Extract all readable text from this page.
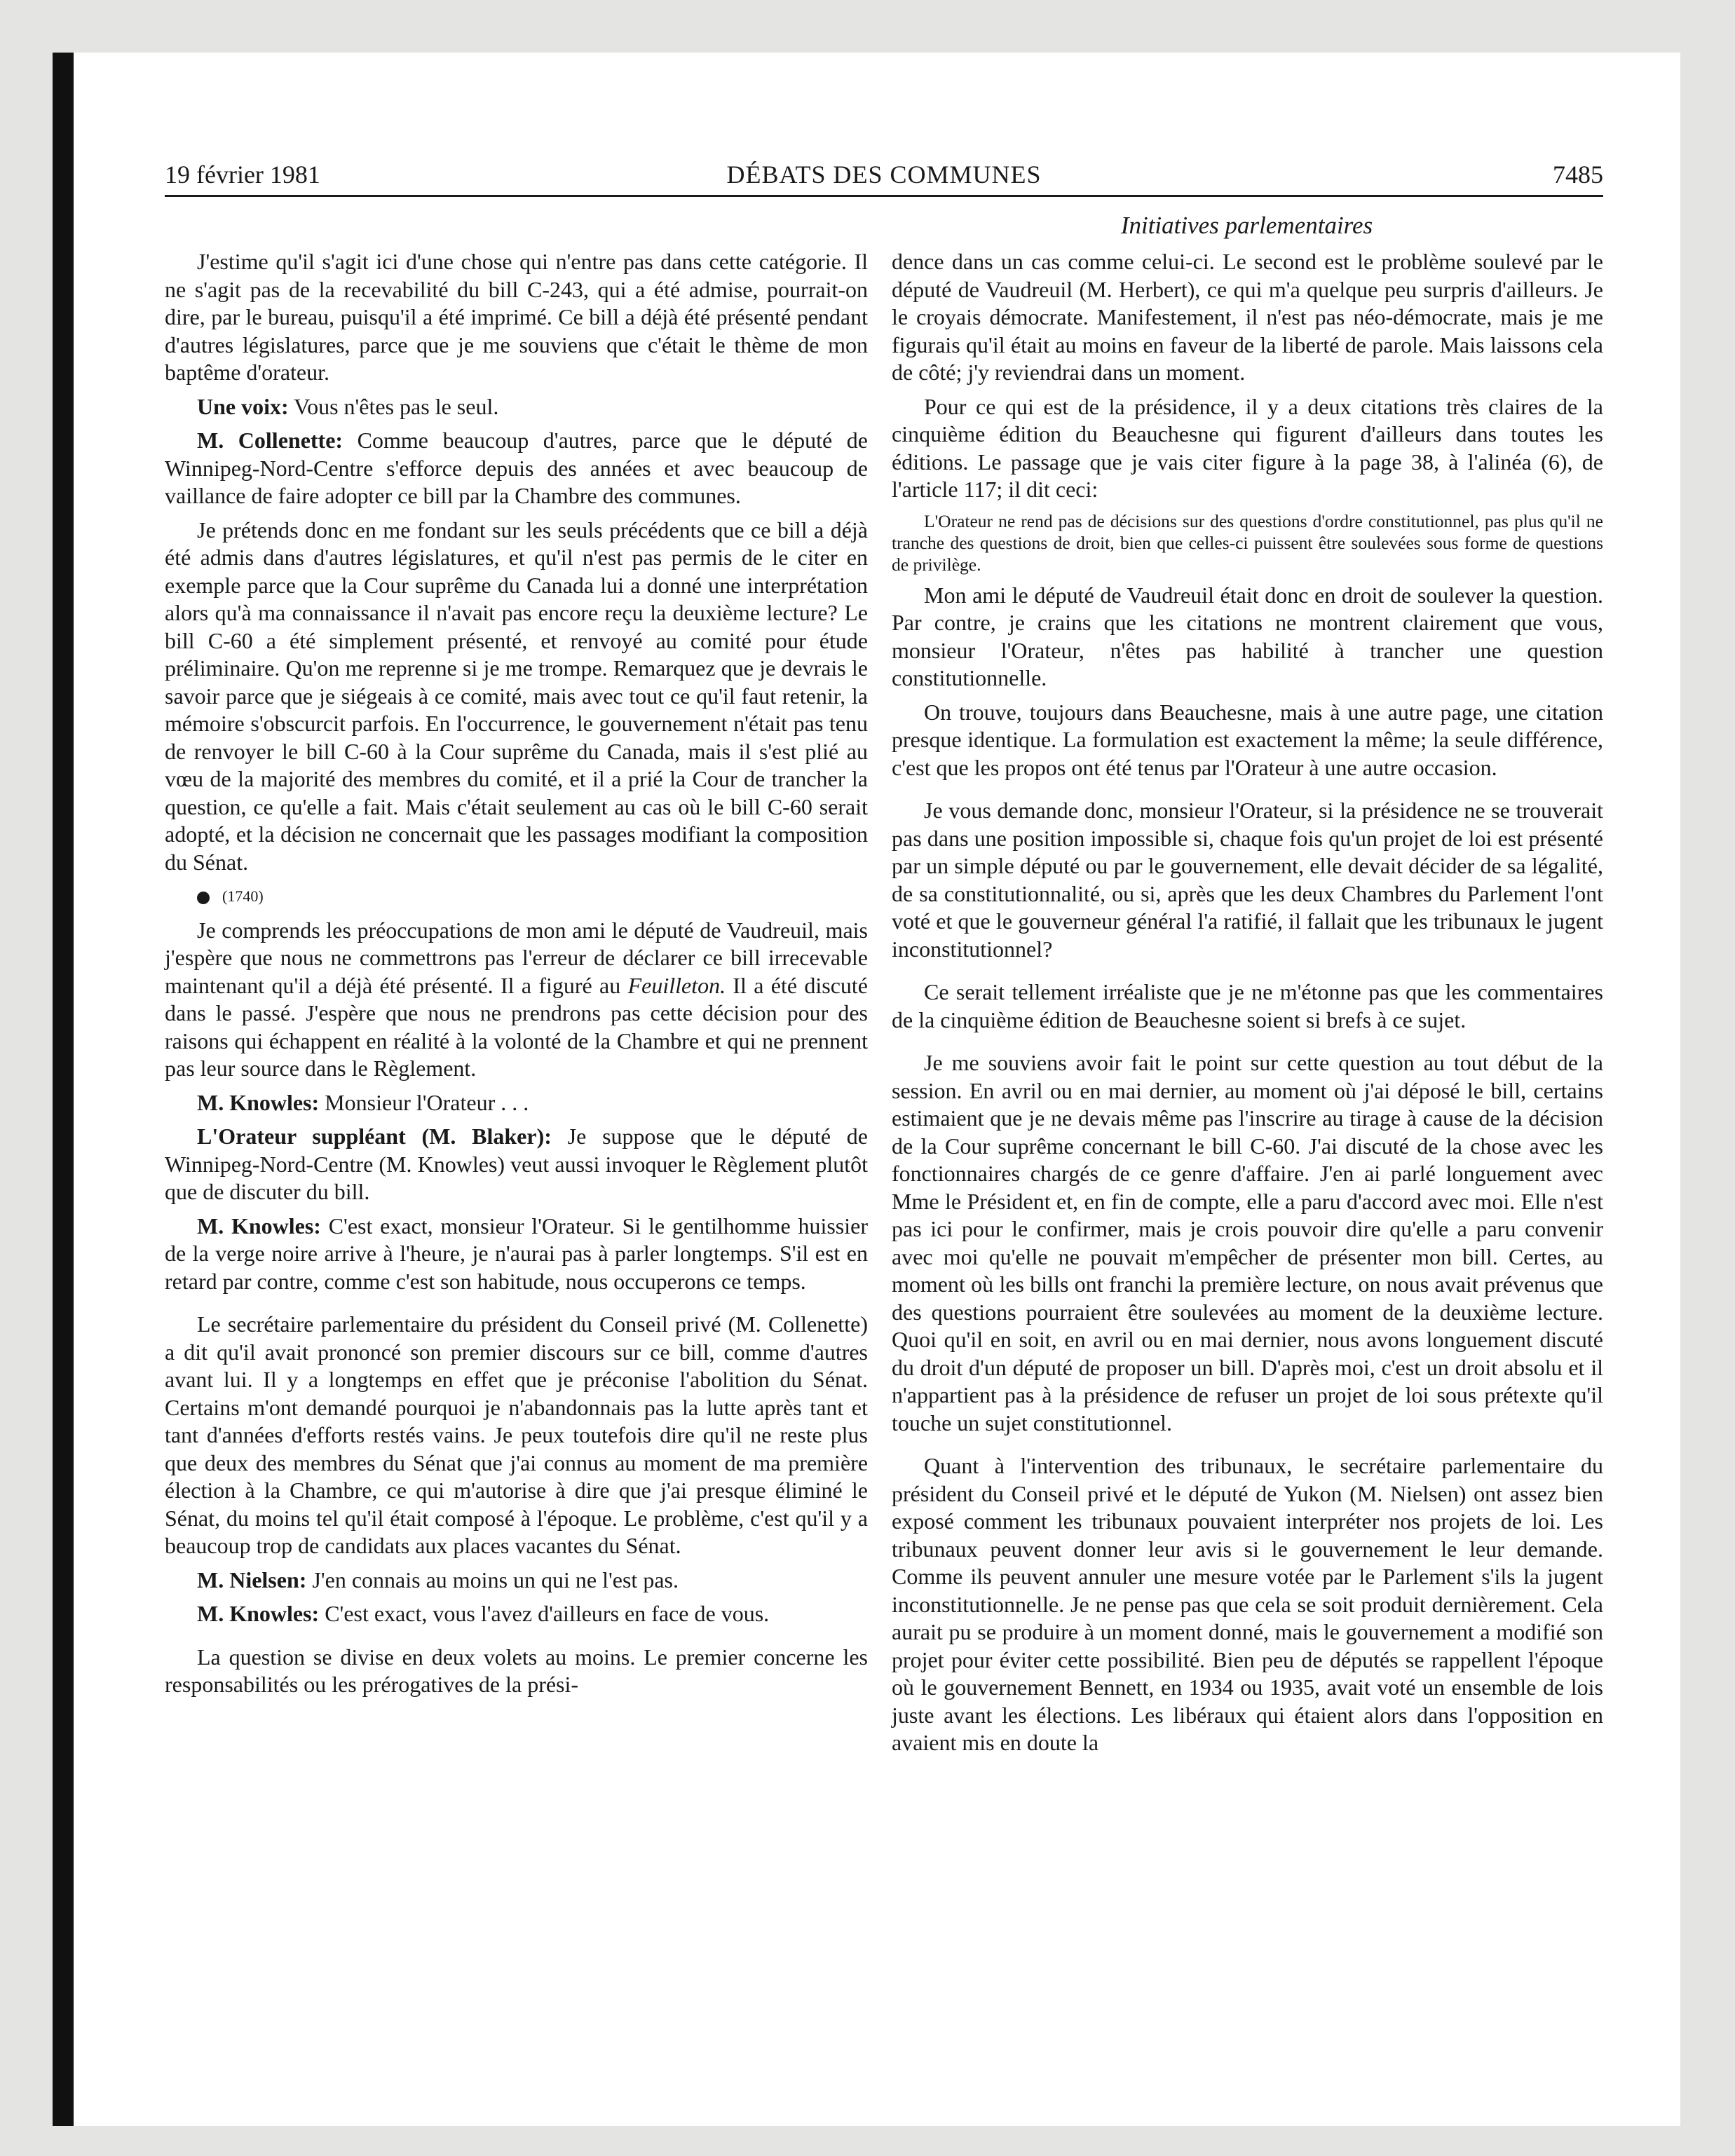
19 février 1981	DÉBATS DES COMMUNES	7485
Initiatives parlementaires

J'estime qu'il s'agit ici d'une chose qui n'entre pas dans cette catégorie. Il ne s'agit pas de la recevabilité du bill C-243, qui a été admise, pourrait-on dire, par le bureau, puisqu'il a été imprimé. Ce bill a déjà été présenté pendant d'autres législatures, parce que je me souviens que c'était le thème de mon baptême d'orateur.

Une voix: Vous n'êtes pas le seul.

M. Collenette: Comme beaucoup d'autres, parce que le député de Winnipeg-Nord-Centre s'efforce depuis des années et avec beaucoup de vaillance de faire adopter ce bill par la Chambre des communes.

Je prétends donc en me fondant sur les seuls précédents que ce bill a déjà été admis dans d'autres législatures, et qu'il n'est pas permis de le citer en exemple parce que la Cour suprême du Canada lui a donné une interprétation alors qu'à ma connaissance il n'avait pas encore reçu la deuxième lecture? Le bill C-60 a été simplement présenté, et renvoyé au comité pour étude préliminaire. Qu'on me reprenne si je me trompe. Remarquez que je devrais le savoir parce que je siégeais à ce comité, mais avec tout ce qu'il faut retenir, la mémoire s'obscurcit parfois. En l'occurrence, le gouvernement n'était pas tenu de renvoyer le bill C-60 à la Cour suprême du Canada, mais il s'est plié au vœu de la majorité des membres du comité, et il a prié la Cour de trancher la question, ce qu'elle a fait. Mais c'était seulement au cas où le bill C-60 serait adopté, et la décision ne concernait que les passages modifiant la composition du Sénat.

(1740)

Je comprends les préoccupations de mon ami le député de Vaudreuil, mais j'espère que nous ne commettrons pas l'erreur de déclarer ce bill irrecevable maintenant qu'il a déjà été présenté. Il a figuré au Feuilleton. Il a été discuté dans le passé. J'espère que nous ne prendrons pas cette décision pour des raisons qui échappent en réalité à la volonté de la Chambre et qui ne prennent pas leur source dans le Règlement.

M. Knowles: Monsieur l'Orateur . . .

L'Orateur suppléant (M. Blaker): Je suppose que le député de Winnipeg-Nord-Centre (M. Knowles) veut aussi invoquer le Règlement plutôt que de discuter du bill.

M. Knowles: C'est exact, monsieur l'Orateur. Si le gentilhomme huissier de la verge noire arrive à l'heure, je n'aurai pas à parler longtemps. S'il est en retard par contre, comme c'est son habitude, nous occuperons ce temps.

Le secrétaire parlementaire du président du Conseil privé (M. Collenette) a dit qu'il avait prononcé son premier discours sur ce bill, comme d'autres avant lui. Il y a longtemps en effet que je préconise l'abolition du Sénat. Certains m'ont demandé pourquoi je n'abandonnais pas la lutte après tant et tant d'années d'efforts restés vains. Je peux toutefois dire qu'il ne reste plus que deux des membres du Sénat que j'ai connus au moment de ma première élection à la Chambre, ce qui m'autorise à dire que j'ai presque éliminé le Sénat, du moins tel qu'il était composé à l'époque. Le problème, c'est qu'il y a beaucoup trop de candidats aux places vacantes du Sénat.

M. Nielsen: J'en connais au moins un qui ne l'est pas.

M. Knowles: C'est exact, vous l'avez d'ailleurs en face de vous.

La question se divise en deux volets au moins. Le premier concerne les responsabilités ou les prérogatives de la prési-

dence dans un cas comme celui-ci. Le second est le problème soulevé par le député de Vaudreuil (M. Herbert), ce qui m'a quelque peu surpris d'ailleurs. Je le croyais démocrate. Manifestement, il n'est pas néo-démocrate, mais je me figurais qu'il était au moins en faveur de la liberté de parole. Mais laissons cela de côté; j'y reviendrai dans un moment.

Pour ce qui est de la présidence, il y a deux citations très claires de la cinquième édition du Beauchesne qui figurent d'ailleurs dans toutes les éditions. Le passage que je vais citer figure à la page 38, à l'alinéa (6), de l'article 117; il dit ceci:

L'Orateur ne rend pas de décisions sur des questions d'ordre constitutionnel, pas plus qu'il ne tranche des questions de droit, bien que celles-ci puissent être soulevées sous forme de questions de privilège.

Mon ami le député de Vaudreuil était donc en droit de soulever la question. Par contre, je crains que les citations ne montrent clairement que vous, monsieur l'Orateur, n'êtes pas habilité à trancher une question constitutionnelle.

On trouve, toujours dans Beauchesne, mais à une autre page, une citation presque identique. La formulation est exactement la même; la seule différence, c'est que les propos ont été tenus par l'Orateur à une autre occasion.

Je vous demande donc, monsieur l'Orateur, si la présidence ne se trouverait pas dans une position impossible si, chaque fois qu'un projet de loi est présenté par un simple député ou par le gouvernement, elle devait décider de sa légalité, de sa constitutionnalité, ou si, après que les deux Chambres du Parlement l'ont voté et que le gouverneur général l'a ratifié, il fallait que les tribunaux le jugent inconstitutionnel?

Ce serait tellement irréaliste que je ne m'étonne pas que les commentaires de la cinquième édition de Beauchesne soient si brefs à ce sujet.

Je me souviens avoir fait le point sur cette question au tout début de la session. En avril ou en mai dernier, au moment où j'ai déposé le bill, certains estimaient que je ne devais même pas l'inscrire au tirage à cause de la décision de la Cour suprême concernant le bill C-60. J'ai discuté de la chose avec les fonctionnaires chargés de ce genre d'affaire. J'en ai parlé longuement avec Mme le Président et, en fin de compte, elle a paru d'accord avec moi. Elle n'est pas ici pour le confirmer, mais je crois pouvoir dire qu'elle a paru convenir avec moi qu'elle ne pouvait m'empêcher de présenter mon bill. Certes, au moment où les bills ont franchi la première lecture, on nous avait prévenus que des questions pourraient être soulevées au moment de la deuxième lecture. Quoi qu'il en soit, en avril ou en mai dernier, nous avons longuement discuté du droit d'un député de proposer un bill. D'après moi, c'est un droit absolu et il n'appartient pas à la présidence de refuser un projet de loi sous prétexte qu'il touche un sujet constitutionnel.

Quant à l'intervention des tribunaux, le secrétaire parlementaire du président du Conseil privé et le député de Yukon (M. Nielsen) ont assez bien exposé comment les tribunaux pouvaient interpréter nos projets de loi. Les tribunaux peuvent donner leur avis si le gouvernement le leur demande. Comme ils peuvent annuler une mesure votée par le Parlement s'ils la jugent inconstitutionnelle. Je ne pense pas que cela se soit produit dernièrement. Cela aurait pu se produire à un moment donné, mais le gouvernement a modifié son projet pour éviter cette possibilité. Bien peu de députés se rappellent l'époque où le gouvernement Bennett, en 1934 ou 1935, avait voté un ensemble de lois juste avant les élections. Les libéraux qui étaient alors dans l'opposition en avaient mis en doute la
